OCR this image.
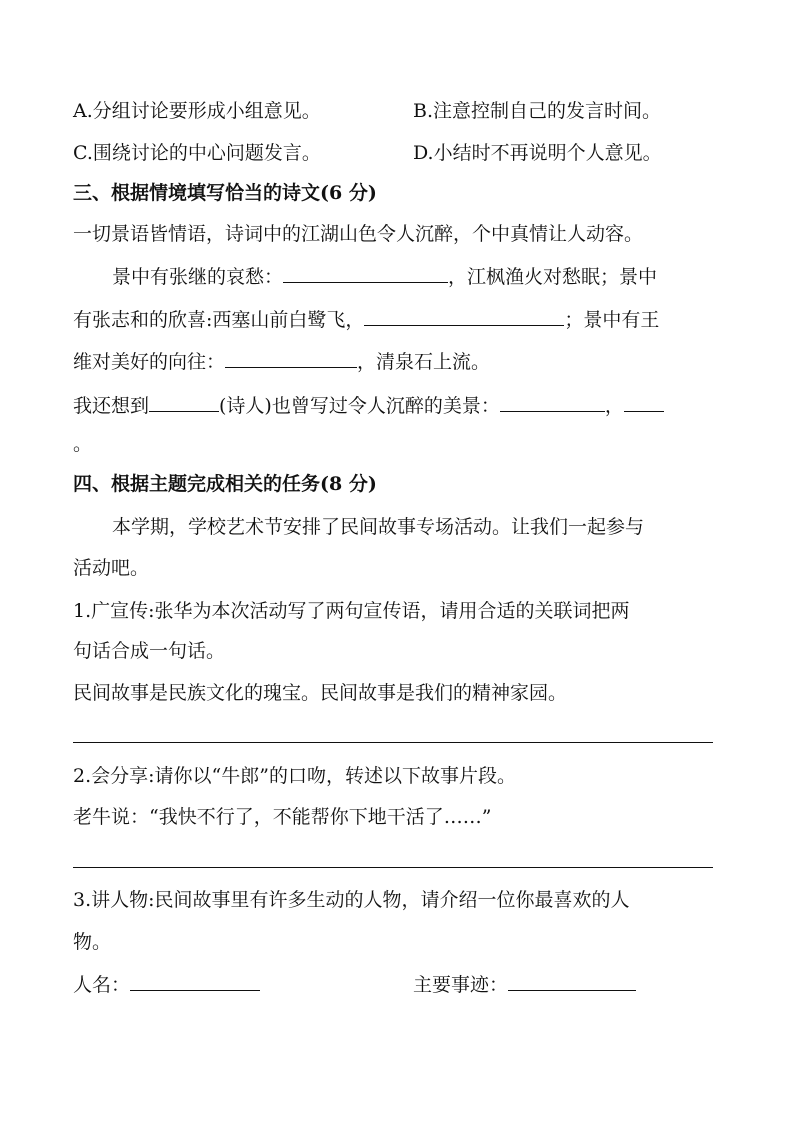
A.分组讨论要形成小组意见。	B.注意控制自己的发言时间。
C.围绕讨论的中心问题发言。	D.小结时不再说明个人意见。
三、根据情境填写恰当的诗文(6 分)
一切景语皆情语，诗词中的江湖山色令人沉醉，个中真情让人动容。
景中有张继的哀愁：	，江枫渔火对愁眠；景中
有张志和的欣喜:西塞山前白鹭飞，	；景中有王
维对美好的向往：	，清泉石上流。
我还想到	(诗人)也曾写过令人沉醉的美景：	，
。
四、根据主题完成相关的任务(8 分)
本学期，学校艺术节安排了民间故事专场活动。让我们一起参与
活动吧。
1.广宣传:张华为本次活动写了两句宣传语，请用合适的关联词把两
句话合成一句话。
民间故事是民族文化的瑰宝。民间故事是我们的精神家园。
2.会分享:请你以“牛郎”的口吻，转述以下故事片段。
老牛说：“我快不行了，不能帮你下地干活了……”
3.讲人物:民间故事里有许多生动的人物，请介绍一位你最喜欢的人
物。
人名：	主要事迹：
